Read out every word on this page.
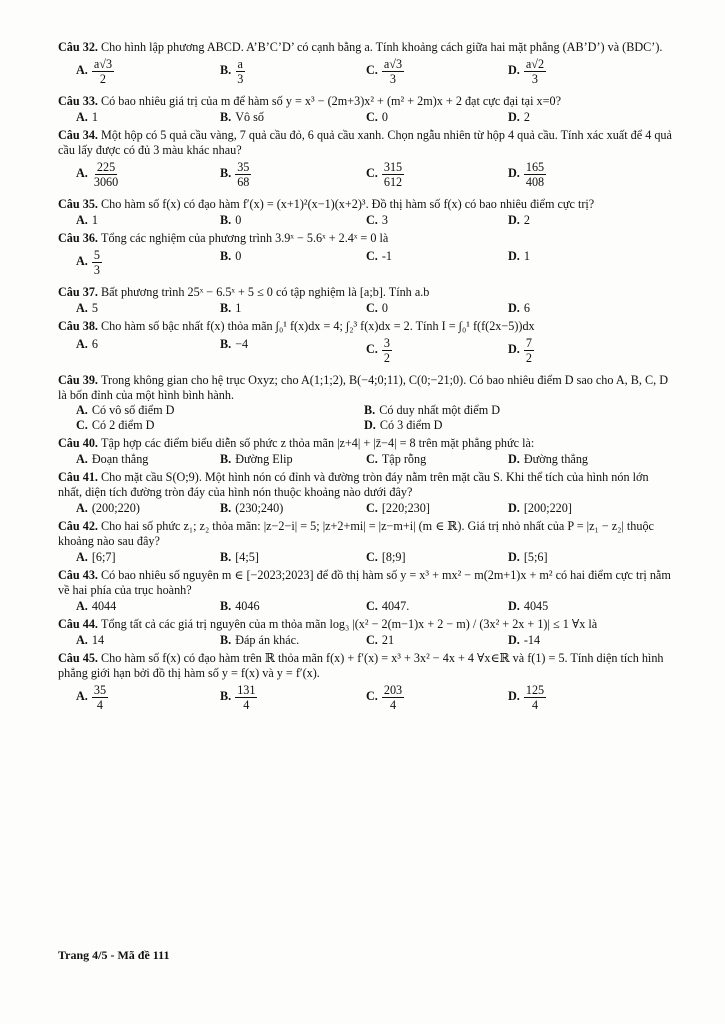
Câu 32. Cho hình lập phương ABCD. A’B’C’D’ có cạnh bằng a. Tính khoảng cách giữa hai mặt phẳng (AB’D’) và (BDC’).

A. $\frac{a√3}{2}$	B. $\frac{a}{3}$	C. $\frac{a√3}{3}$	D. $\frac{a√2}{3}$

Câu 33. Có bao nhiêu giá trị của m để hàm số y = x³ − (2m+3)x² + (m² + 2m)x + 2 đạt cực đại tại x=0?

A. 1	B. Vô số	C. 0	D. 2

Câu 34. Một hộp có 5 quả cầu vàng, 7 quả cầu đỏ, 6 quả cầu xanh. Chọn ngẫu nhiên từ hộp 4 quả cầu. Tính xác xuất để 4 quả cầu lấy được có đủ 3 màu khác nhau?

A. $\frac{225}{3060}$	B. $\frac{35}{68}$	C. $\frac{315}{612}$	D. $\frac{165}{408}$

Câu 35. Cho hàm số f(x) có đạo hàm f′(x) = (x+1)²(x−1)(x+2)³. Đồ thị hàm số f(x) có bao nhiêu điểm cực trị?

A. 1	B. 0	C. 3	D. 2

Câu 36. Tổng các nghiệm của phương trình 3.9ˣ − 5.6ˣ + 2.4ˣ = 0 là

A. $\frac{5}{3}$	B. 0	C. -1	D. 1

Câu 37. Bất phương trình 25ˣ − 6.5ˣ + 5 ≤ 0 có tập nghiệm là [a;b]. Tính a.b

A. 5	B. 1	C. 0	D. 6

Câu 38. Cho hàm số bậc nhất f(x) thỏa mãn ∫₀¹ f(x)dx = 4; ∫₂³ f(x)dx = 2. Tính I = ∫₀¹ f(f(2x−5))dx

A. 6	B. −4	C. $\frac{3}{2}$	D. $\frac{7}{2}$

Câu 39. Trong không gian cho hệ trục Oxyz; cho A(1;1;2), B(−4;0;11), C(0;−21;0). Có bao nhiêu điểm D sao cho A, B, C, D là bốn đỉnh của một hình bình hành.

A. Có vô số điểm D	B. Có duy nhất một điểm D
C. Có 2 điểm D	D. Có 3 điểm D

Câu 40. Tập hợp các điểm biểu diễn số phức z thỏa mãn |z+4| + |z̄−4| = 8 trên mặt phẳng phức là:

A. Đoạn thẳng	B. Đường Elip	C. Tập rỗng	D. Đường thẳng

Câu 41. Cho mặt cầu S(O;9). Một hình nón có đỉnh và đường tròn đáy nằm trên mặt cầu S. Khi thể tích của hình nón lớn nhất, diện tích đường tròn đáy của hình nón thuộc khoảng nào dưới đây?

A. (200;220)	B. (230;240)	C. [220;230]	D. [200;220]

Câu 42. Cho hai số phức z₁; z₂ thỏa mãn: |z−2−i| = 5; |z+2+mi| = |z−m+i| (m ∈ ℝ). Giá trị nhỏ nhất của P = |z₁ − z₂| thuộc khoảng nào sau đây?

A. [6;7]	B. [4;5]	C. [8;9]	D. [5;6]

Câu 43. Có bao nhiêu số nguyên m ∈ [−2023;2023] để đồ thị hàm số y = x³ + mx² − m(2m+1)x + m² có hai điểm cực trị nằm về hai phía của trục hoành?

A. 4044	B. 4046	C. 4047.	D. 4045

Câu 44. Tổng tất cả các giá trị nguyên của m thỏa mãn log₃ |(x² − 2(m−1)x + 2 − m) / (3x² + 2x + 1)| ≤ 1 ∀x là

A. 14	B. Đáp án khác.	C. 21	D. -14

Câu 45. Cho hàm số f(x) có đạo hàm trên ℝ thỏa mãn f(x) + f′(x) = x³ + 3x² − 4x + 4 ∀x∈ℝ và f(1) = 5. Tính diện tích hình phẳng giới hạn bởi đồ thị hàm số y = f(x) và y = f′(x).

A. $\frac{35}{4}$	B. $\frac{131}{4}$	C. $\frac{203}{4}$	D. $\frac{125}{4}$
Trang 4/5 - Mã đề 111
